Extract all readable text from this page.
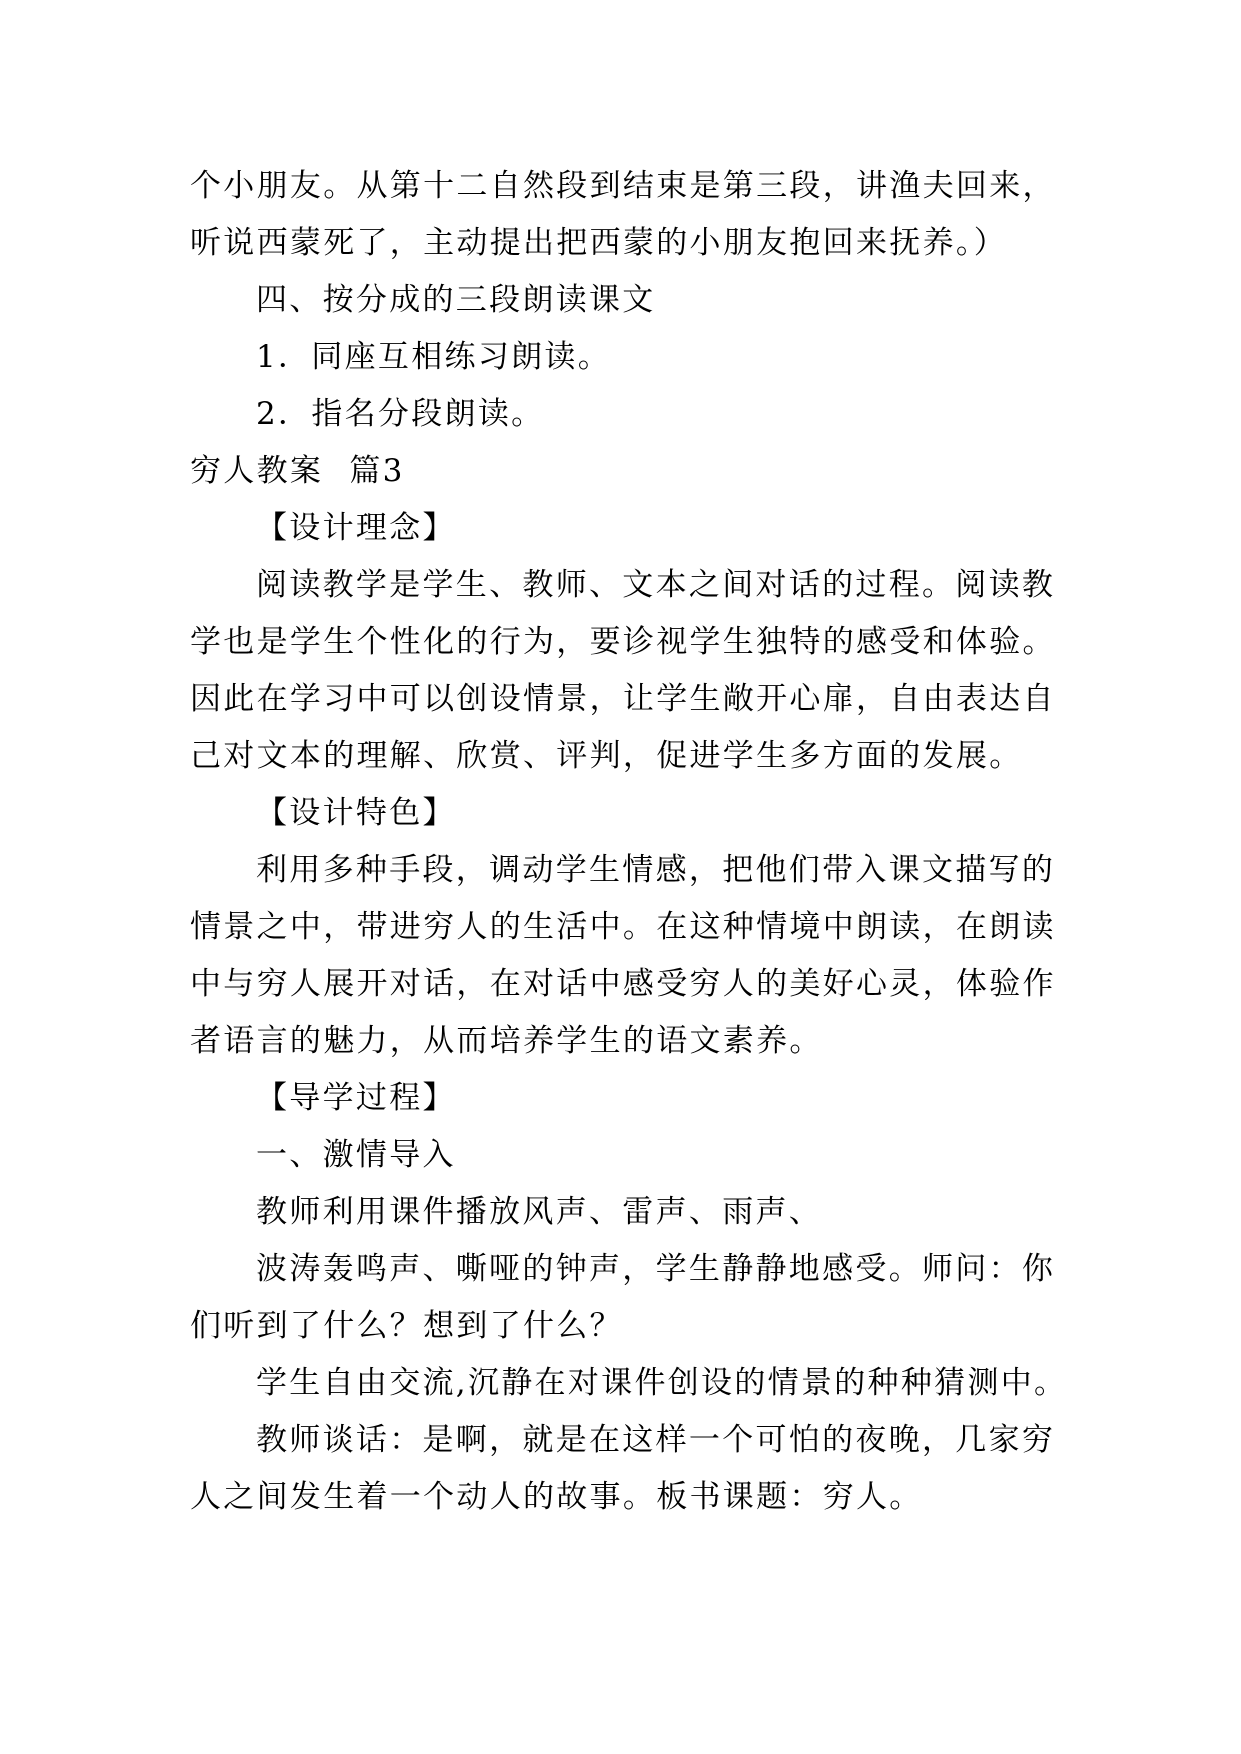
个小朋友。从第十二自然段到结束是第三段，讲渔夫回来，
听说西蒙死了，主动提出把西蒙的小朋友抱回来抚养。）
四、按分成的三段朗读课文
1．同座互相练习朗读。
2．指名分段朗读。
穷人教案 篇3
【设计理念】
阅读教学是学生、教师、文本之间对话的过程。阅读教
学也是学生个性化的行为，要诊视学生独特的感受和体验。
因此在学习中可以创设情景，让学生敞开心扉，自由表达自
己对文本的理解、欣赏、评判，促进学生多方面的发展。
【设计特色】
利用多种手段，调动学生情感，把他们带入课文描写的
情景之中，带进穷人的生活中。在这种情境中朗读，在朗读
中与穷人展开对话，在对话中感受穷人的美好心灵，体验作
者语言的魅力，从而培养学生的语文素养。
【导学过程】
一、激情导入
教师利用课件播放风声、雷声、雨声、
波涛轰鸣声、嘶哑的钟声，学生静静地感受。师问：你
们听到了什么？想到了什么？
学生自由交流,沉静在对课件创设的情景的种种猜测中。
教师谈话：是啊，就是在这样一个可怕的夜晚，几家穷
人之间发生着一个动人的故事。板书课题：穷人。
